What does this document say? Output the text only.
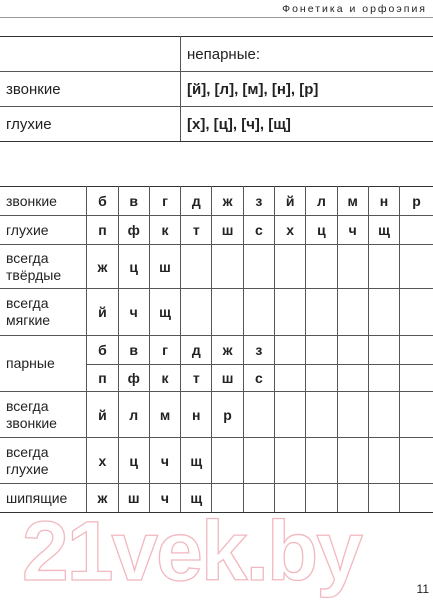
Фонетика и орфоэпия
	непарные:
звонкие	[й], [л], [м], [н], [р]
глухие	[х], [ц], [ч], [щ]
звонкие	б	в	г	д	ж	з	й	л	м	н	р
глухие	п	ф	к	т	ш	с	х	ц	ч	щ	
всегда твёрдые	ж	ц	ш								
всегда мягкие	й	ч	щ								
парные	б	в	г	д	ж	з					
	п	ф	к	т	ш	с					
всегда звонкие	й	л	м	н	р						
всегда глухие	х	ц	ч	щ							
шипящие	ж	ш	ч	щ							
21vek.by	11
